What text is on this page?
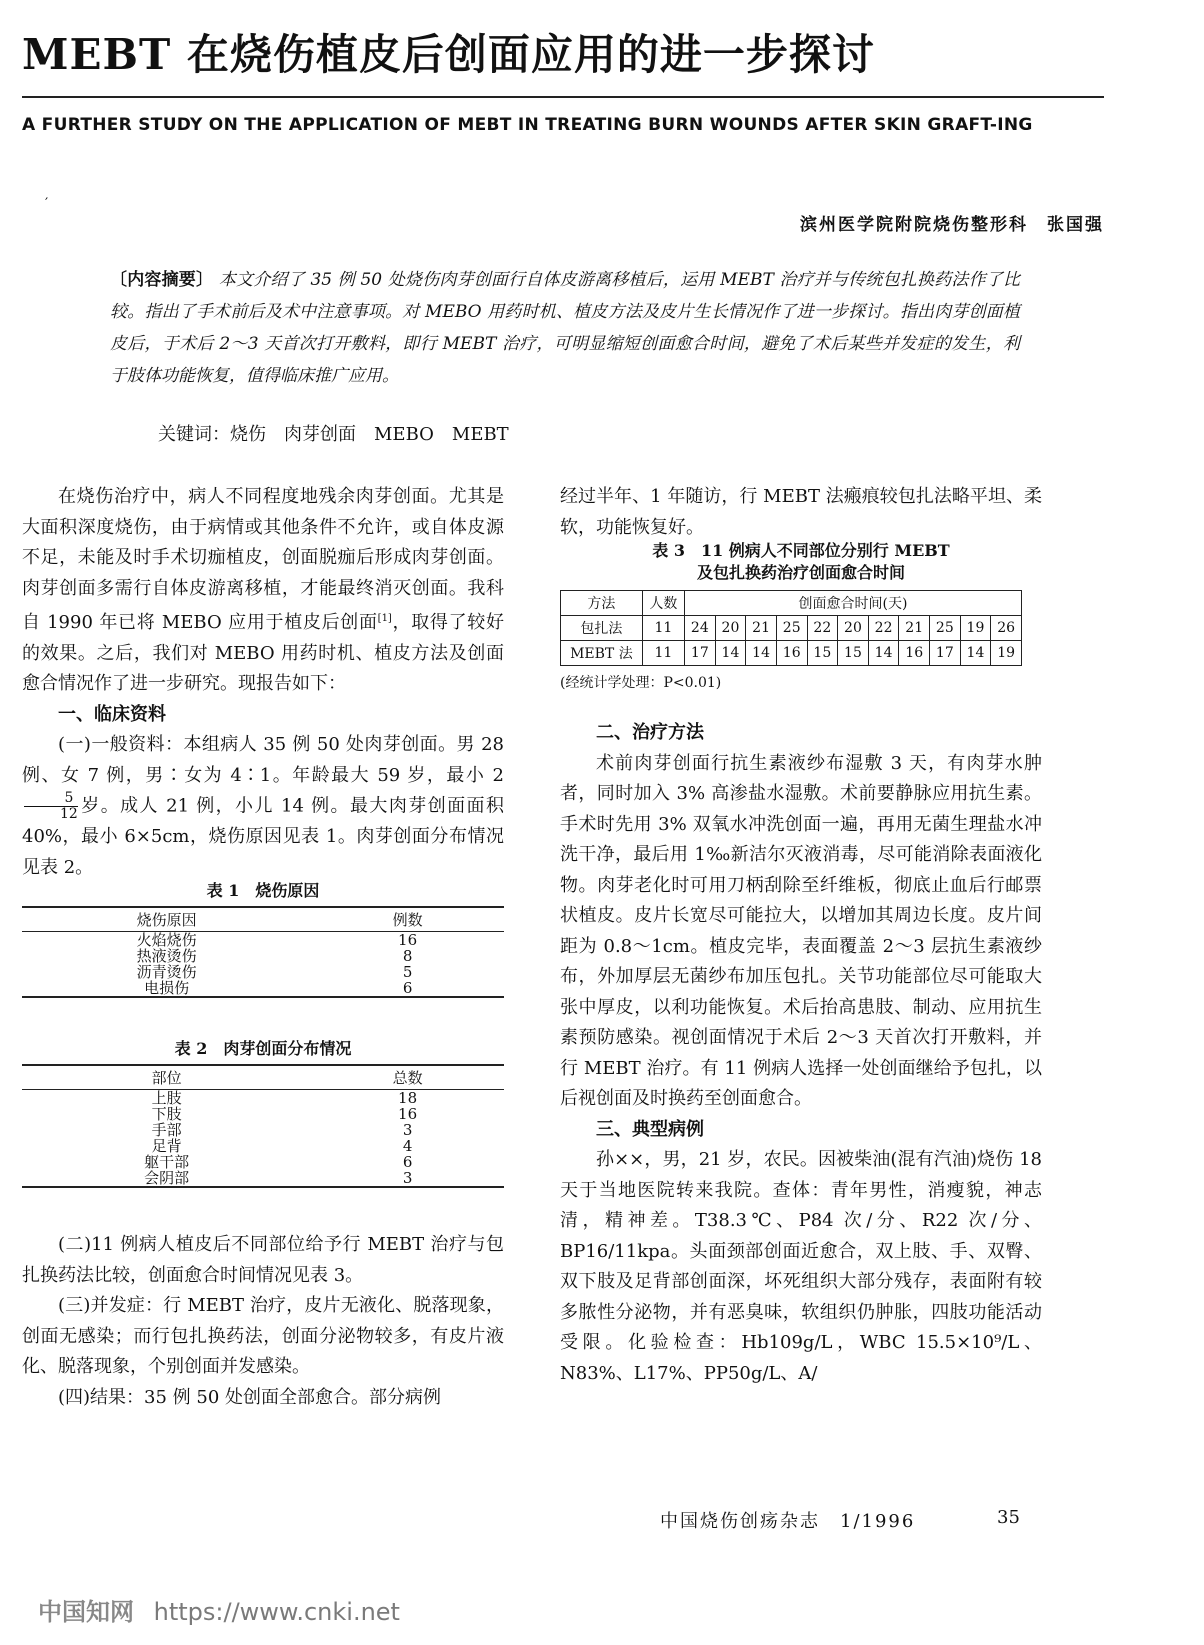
MEBT 在烧伤植皮后创面应用的进一步探讨
A FURTHER STUDY ON THE APPLICATION OF MEBT IN TREATING BURN WOUNDS AFTER SKIN GRAFT-ING
′
滨州医学院附院烧伤整形科　张国强
〔内容摘要〕 本文介绍了 35 例 50 处烧伤肉芽创面行自体皮游离移植后，运用 MEBT 治疗并与传统包扎换药法作了比较。指出了手术前后及术中注意事项。对 MEBO 用药时机、植皮方法及皮片生长情况作了进一步探讨。指出肉芽创面植皮后，于术后 2～3 天首次打开敷料，即行 MEBT 治疗，可明显缩短创面愈合时间，避免了术后某些并发症的发生，利于肢体功能恢复，值得临床推广应用。
关键词：烧伤　肉芽创面　MEBO　MEBT

在烧伤治疗中，病人不同程度地残余肉芽创面。尤其是大面积深度烧伤，由于病情或其他条件不允许，或自体皮源不足，未能及时手术切痂植皮，创面脱痂后形成肉芽创面。肉芽创面多需行自体皮游离移植，才能最终消灭创面。我科自 1990 年已将 MEBO 应用于植皮后创面[1]，取得了较好的效果。之后，我们对 MEBO 用药时机、植皮方法及创面愈合情况作了进一步研究。现报告如下：

一、临床资料

(一)一般资料：本组病人 35 例 50 处肉芽创面。男 28 例、女 7 例，男∶女为 4∶1。年龄最大 59 岁，最小 2
$\frac{5}{12}$ 岁。成人 21 例，小儿 14 例。最大肉芽创面面积 40%，最小 6×5cm，烧伤原因见表 1。肉芽创面分布情况见表 2。

表 1　烧伤原因
烧伤原因	例数
火焰烧伤	16
热液烫伤	8
沥青烫伤	5
电损伤	6
表 2　肉芽创面分布情况
部位	总数
上肢	18
下肢	16
手部	3
足背	4
躯干部	6
会阴部	3

(二)11 例病人植皮后不同部位给予行 MEBT 治疗与包扎换药法比较，创面愈合时间情况见表 3。

(三)并发症：行 MEBT 治疗，皮片无液化、脱落现象，创面无感染；而行包扎换药法，创面分泌物较多，有皮片液化、脱落现象，个别创面并发感染。

(四)结果：35 例 50 处创面全部愈合。部分病例

经过半年、1 年随访，行 MEBT 法瘢痕较包扎法略平坦、柔软，功能恢复好。

表 3　11 例病人不同部位分别行 MEBT
及包扎换药治疗创面愈合时间
方法	人数	创面愈合时间(天)										
包扎法	11	24	20	21	25	22	20	22	21	25	19	26
MEBT 法	11	17	14	14	16	15	15	14	16	17	14	19
(经统计学处理：P<0.01)

二、治疗方法

术前肉芽创面行抗生素液纱布湿敷 3 天，有肉芽水肿者，同时加入 3% 高渗盐水湿敷。术前要静脉应用抗生素。手术时先用 3% 双氧水冲洗创面一遍，再用无菌生理盐水冲洗干净，最后用 1‰新洁尔灭液消毒，尽可能消除表面液化物。肉芽老化时可用刀柄刮除至纤维板，彻底止血后行邮票状植皮。皮片长宽尽可能拉大，以增加其周边长度。皮片间距为 0.8～1cm。植皮完毕，表面覆盖 2～3 层抗生素液纱布，外加厚层无菌纱布加压包扎。关节功能部位尽可能取大张中厚皮，以利功能恢复。术后抬高患肢、制动、应用抗生素预防感染。视创面情况于术后 2～3 天首次打开敷料，并行 MEBT 治疗。有 11 例病人选择一处创面继给予包扎，以后视创面及时换药至创面愈合。

三、典型病例

孙××，男，21 岁，农民。因被柴油(混有汽油)烧伤 18 天于当地医院转来我院。查体：青年男性，消瘦貌，神志清，精神差。T38.3℃、P84 次/分、R22 次/分、BP16/11kpa。头面颈部创面近愈合，双上肢、手、双臀、双下肢及足背部创面深，坏死组织大部分残存，表面附有较多脓性分泌物，并有恶臭味，软组织仍肿胀，四肢功能活动受限。化验检查：Hb109g/L，WBC 15.5×10⁹/L、N83%、L17%、PP50g/L、A/

中国烧伤创疡杂志　1/1996	35
中国知网 https://www.cnki.net
